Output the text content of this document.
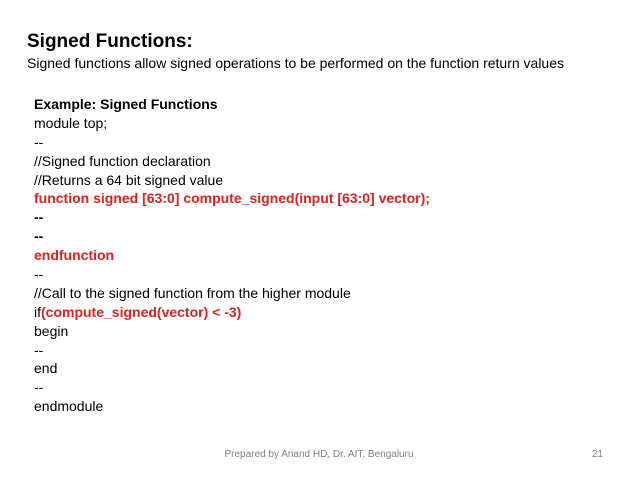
Signed Functions:
Signed functions allow signed operations to be performed on the function return values
Example: Signed Functions
module top;
--
//Signed function declaration
//Returns a 64 bit signed value
function signed [63:0] compute_signed(input [63:0] vector);
--
--
endfunction
--
//Call to the signed function from the higher module
if(compute_signed(vector) < -3)
begin
--
end
--
endmodule
Prepared by Anand HD, Dr. AIT, Bengaluru	21
